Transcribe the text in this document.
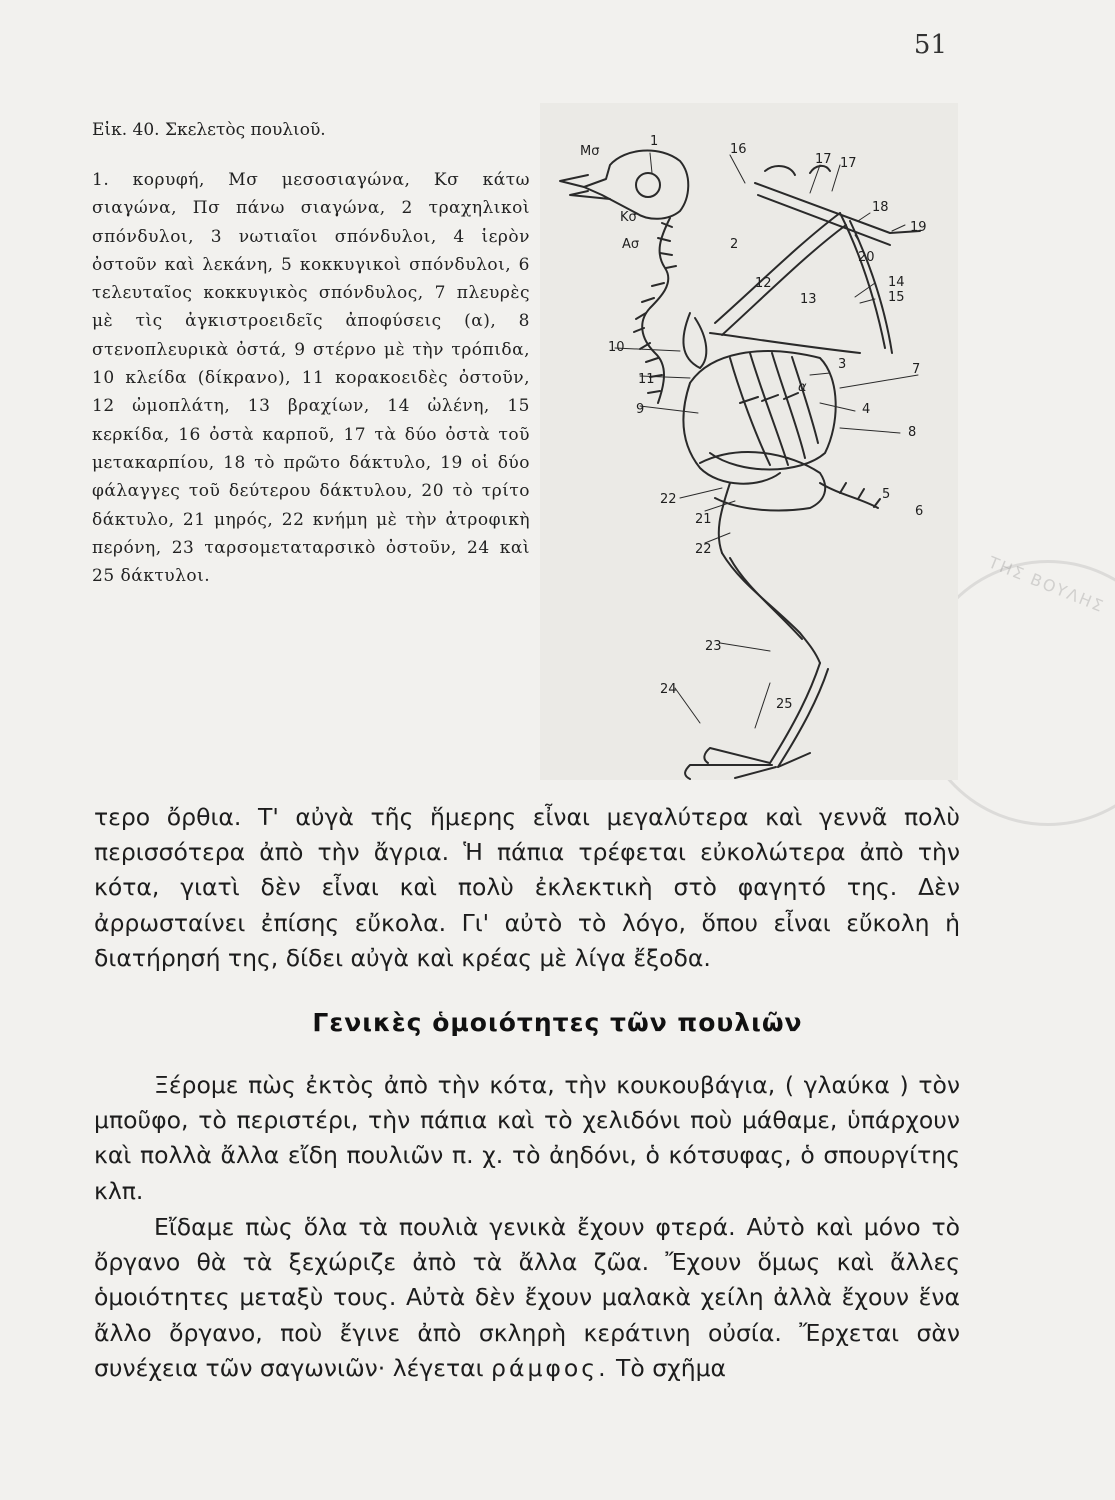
51
Εἰκ. 40. Σκελετὸς πουλιοῦ.
1. κορυφή, Μσ μεσοσιαγώνα, Κσ κάτω σιαγώνα, Πσ πάνω σιαγώνα, 2 τραχηλικοὶ σπόνδυλοι, 3 νωτιαῖοι σπόνδυλοι, 4 ἱερὸν ὀστοῦν καὶ λεκάνη, 5 κοκκυγικοὶ σπόνδυλοι, 6 τελευταῖος κοκκυγικὸς σπόνδυλος, 7 πλευρὲς μὲ τὶς ἀγκιστροειδεῖς ἀποφύσεις (α), 8 στενοπλευρικὰ ὀστά, 9 στέρνο μὲ τὴν τρόπιδα, 10 κλείδα (δίκρανο), 11 κορακοειδὲς ὀστοῦν, 12 ὠμοπλάτη, 13 βραχίων, 14 ὠλένη, 15 κερκίδα, 16 ὀστὰ καρποῦ, 17 τὰ δύο ὀστὰ τοῦ μετακαρπίου, 18 τὸ πρῶτο δάκτυλο, 19 οἱ δύο φάλαγγες τοῦ δεύτερου δάκτυλου, 20 τὸ τρίτο δάκτυλο, 21 μηρός, 22 κνήμη μὲ τὴν ἀτροφικὴ περόνη, 23 ταρσομεταταρσικὸ ὀστοῦν, 24 καὶ 25 δάκτυλοι.	ΤΗΣ ΒΟΥΛΗΣ
Μσ
Κσ
Ασ
1
2
3
4
5
6
7
8
9
10
11
12
13
14
15
16
17 17
18
19
20
21
22
22
23
24
25
α
τερο ὄρθια. Τ' αὐγὰ τῆς ἥμερης εἶναι μεγαλύτερα καὶ γεννᾶ πολὺ περισσότερα ἀπὸ τὴν ἄγρια. Ἡ πάπια τρέφεται εὐκολώτερα ἀπὸ τὴν κότα, γιατὶ δὲν εἶναι καὶ πολὺ ἐκλεκτικὴ στὸ φαγητό της. Δὲν ἀρρωσταίνει ἐπίσης εὔκολα. Γι' αὐτὸ τὸ λόγο, ὅπου εἶναι εὔκολη ἡ διατήρησή της, δίδει αὐγὰ καὶ κρέας μὲ λίγα ἔξοδα.
Γενικὲς ὁμοιότητες τῶν πουλιῶν
Ξέρομε πὼς ἐκτὸς ἀπὸ τὴν κότα, τὴν κουκουβάγια, ( γλαύκα ) τὸν μποῦφο, τὸ περιστέρι, τὴν πάπια καὶ τὸ χελιδόνι ποὺ μάθαμε, ὑπάρχουν καὶ πολλὰ ἄλλα εἴδη πουλιῶν π. χ. τὸ ἀηδόνι, ὁ κότσυφας, ὁ σπουργίτης κλπ.
Εἴδαμε πὼς ὅλα τὰ πουλιὰ γενικὰ ἔχουν φτερά. Αὐτὸ καὶ μόνο τὸ ὄργανο θὰ τὰ ξεχώριζε ἀπὸ τὰ ἄλλα ζῶα. Ἔχουν ὅμως καὶ ἄλλες ὁμοιότητες μεταξὺ τους. Αὐτὰ δὲν ἔχουν μαλακὰ χείλη ἀλλὰ ἔχουν ἕνα ἄλλο ὄργανο, ποὺ ἔγινε ἀπὸ σκληρὴ κεράτινη οὐσία. Ἔρχεται σὰν συνέχεια τῶν σαγωνιῶν· λέγεται ράμφος. Τὸ σχῆμα
